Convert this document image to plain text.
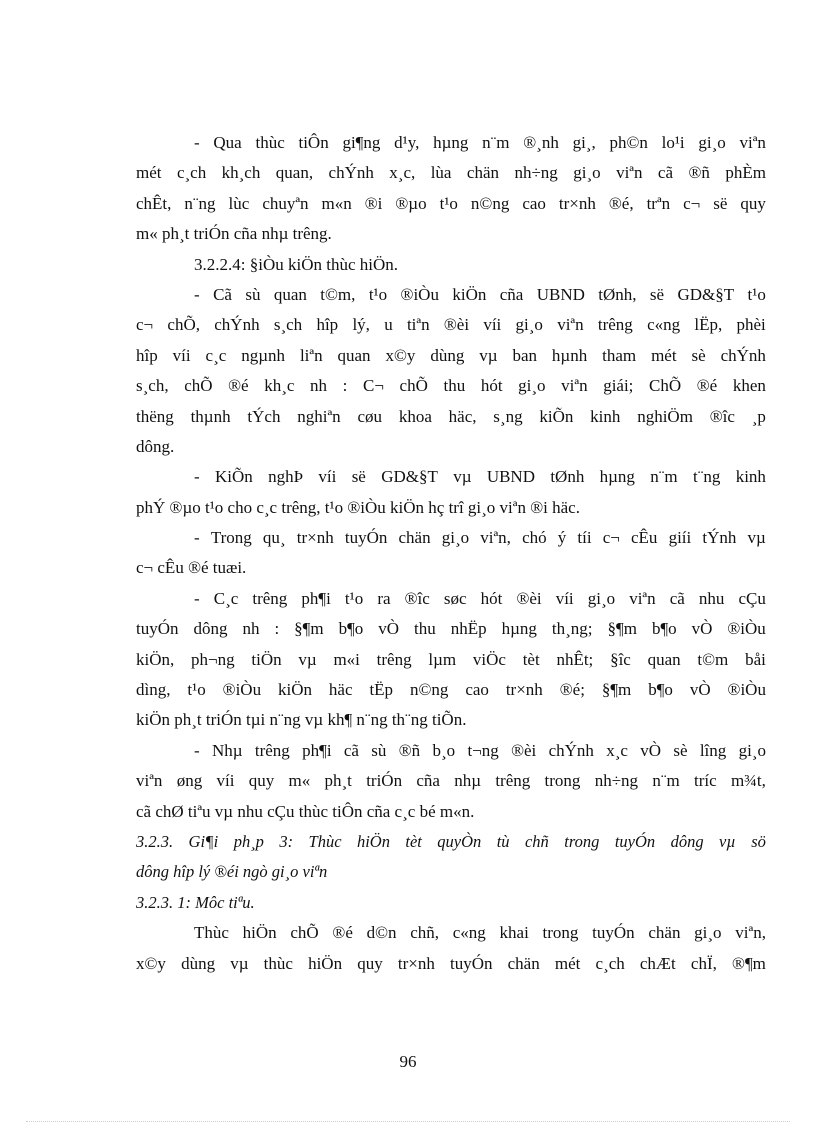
- Qua thùc tiÔn gi¶ng d¹y, hµng n¨m ®¸nh gi¸, ph©n lo¹i gi¸o viªn
mét c¸ch kh¸ch quan, chÝnh x¸c, lùa chän nh÷ng gi¸o viªn cã ®ñ phÈm
chÊt, n¨ng lùc chuyªn m«n ®i ®µo t¹o n©ng cao tr×nh ®é, trªn c¬ së quy
m« ph¸t triÓn cña nhµ trêng.
3.2.2.4: §iÒu kiÖn thùc hiÖn.
- Cã sù quan t©m, t¹o ®iÒu kiÖn cña UBND tØnh, së GD&§T t¹o
c¬ chÕ, chÝnh s¸ch hîp lý, u tiªn ®èi víi gi¸o viªn trêng c«ng lËp, phèi
hîp víi c¸c ngµnh liªn quan x©y dùng vµ ban hµnh tham mét sè chÝnh
s¸ch, chÕ ®é kh¸c nh : C¬ chÕ thu hót gi¸o viªn giái; ChÕ ®é khen
thëng thµnh tÝch nghiªn cøu khoa häc, s¸ng kiÕn kinh nghiÖm ®îc ¸p
dông.
- KiÕn nghÞ víi së GD&§T vµ UBND tØnh hµng n¨m t¨ng kinh
phÝ ®µo t¹o cho c¸c trêng, t¹o ®iÒu kiÖn hç trî gi¸o viªn ®i häc.
- Trong qu¸ tr×nh tuyÓn chän gi¸o viªn, chó ý tíi c¬ cÊu giíi tÝnh vµ
c¬ cÊu ®é tuæi.
- C¸c trêng ph¶i t¹o ra ®îc søc hót ®èi víi gi¸o viªn cã nhu cÇu
tuyÓn dông nh : §¶m b¶o vÒ thu nhËp hµng th¸ng; §¶m b¶o vÒ ®iÒu
kiÖn, ph¬ng tiÖn vµ m«i trêng lµm viÖc tèt nhÊt; §îc quan t©m båi
dìng, t¹o ®iÒu kiÖn häc tËp n©ng cao tr×nh ®é; §¶m b¶o vÒ ®iÒu
kiÖn ph¸t triÓn tµi n¨ng vµ kh¶ n¨ng th¨ng tiÕn.
- Nhµ trêng ph¶i cã sù ®ñ b¸o t¬ng ®èi chÝnh x¸c vÒ sè lîng gi¸o
viªn øng víi quy m« ph¸t triÓn cña nhµ trêng trong nh÷ng n¨m tríc m¾t,
cã chØ tiªu vµ nhu cÇu thùc tiÔn cña c¸c bé m«n.
3.2.3. Gi¶i ph¸p 3: Thùc hiÖn tèt quyÒn tù chñ trong tuyÓn dông vµ sö
dông hîp lý ®éi ngò gi¸o viªn
3.2.3. 1: Môc tiªu.
Thùc hiÖn chÕ ®é d©n chñ, c«ng khai trong tuyÓn chän gi¸o viªn,
x©y dùng vµ thùc hiÖn quy tr×nh tuyÓn chän mét c¸ch chÆt chÏ, ®¶m
96
